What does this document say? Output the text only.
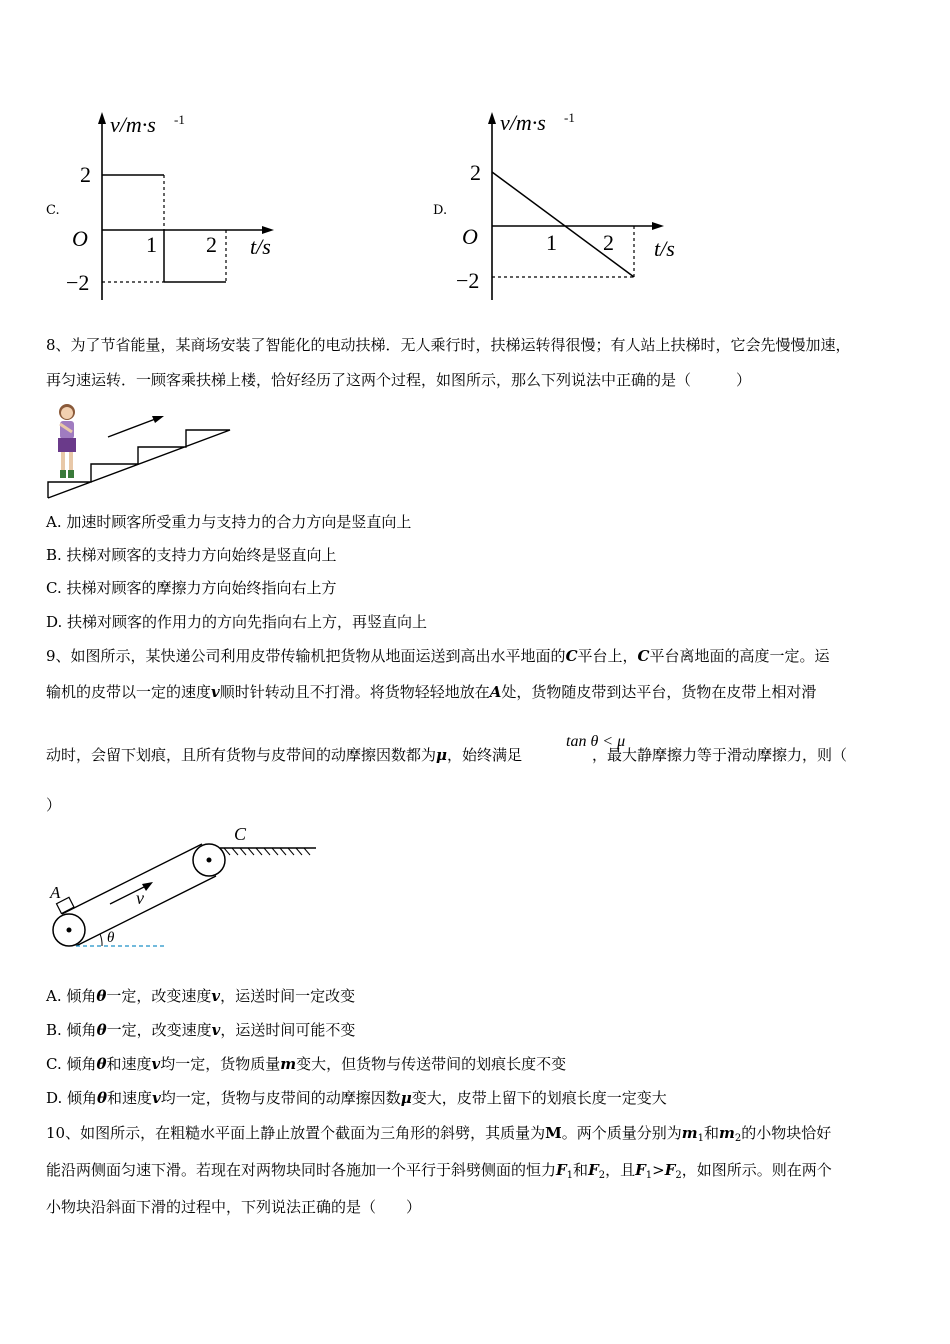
C.
v/m·s -1
t/s
O
2
−2
1 2
D.
v/m·s -1
t/s
O
2
−2
1 2
8、为了节省能量，某商场安装了智能化的电动扶梯．无人乘行时，扶梯运转得很慢；有人站上扶梯时，它会先慢慢加速，
再匀速运转．一顾客乘扶梯上楼，恰好经历了这两个过程，如图所示，那么下列说法中正确的是（　　　）
A. 加速时顾客所受重力与支持力的合力方向是竖直向上
B. 扶梯对顾客的支持力方向始终是竖直向上
C. 扶梯对顾客的摩擦力方向始终指向右上方
D. 扶梯对顾客的作用力的方向先指向右上方，再竖直向上
9、如图所示，某快递公司利用皮带传输机把货物从地面运送到高出水平地面的C平台上，C平台离地面的高度一定。运
输机的皮带以一定的速度v顺时针转动且不打滑。将货物轻轻地放在A处，货物随皮带到达平台，货物在皮带上相对滑
动时，会留下划痕，且所有货物与皮带间的动摩擦因数都为μ，始终满足	，最大静摩擦力等于滑动摩擦力，则（
tan θ < μ
）
C
A	v
θ
A. 倾角θ一定，改变速度v，运送时间一定改变
B. 倾角θ一定，改变速度v，运送时间可能不变
C. 倾角θ和速度v均一定，货物质量m变大，但货物与传送带间的划痕长度不变
D. 倾角θ和速度v均一定，货物与皮带间的动摩擦因数μ变大，皮带上留下的划痕长度一定变大
10、如图所示，在粗糙水平面上静止放置个截面为三角形的斜劈，其质量为M。两个质量分别为$m_1$和$m_2$的小物块恰好
能沿两侧面匀速下滑。若现在对两物块同时各施加一个平行于斜劈侧面的恒力$F_1$和$F_2$，且$F_1>F_2$，如图所示。则在两个
小物块沿斜面下滑的过程中，下列说法正确的是（　　）
